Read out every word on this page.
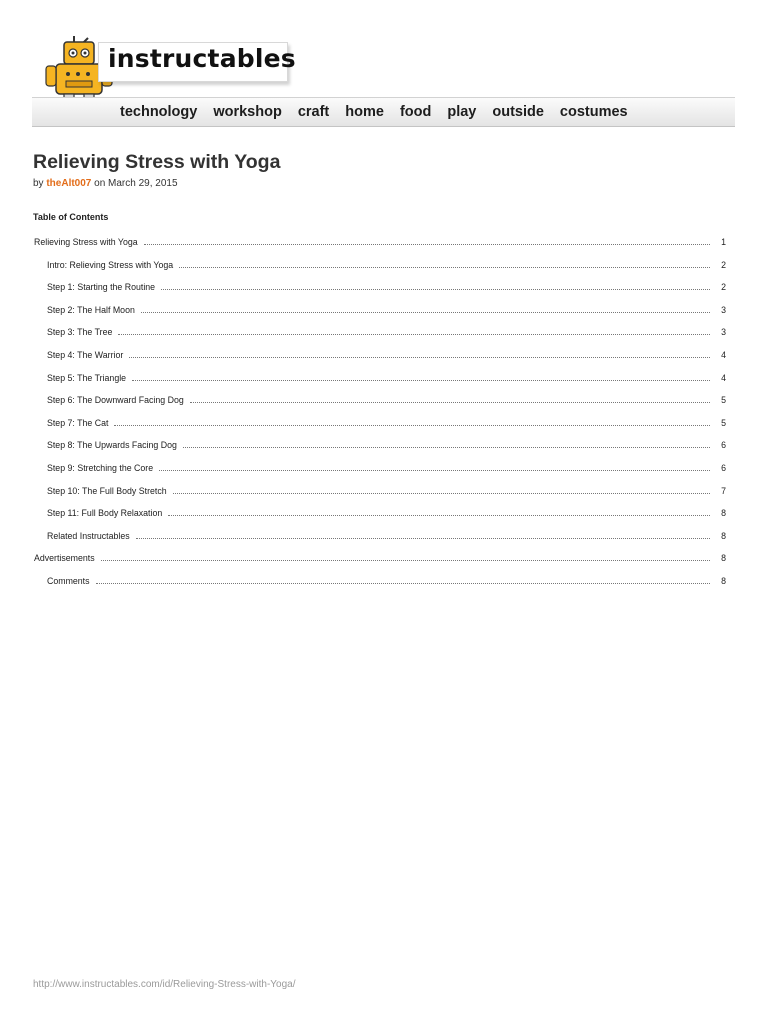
instructables
technology workshop craft home food play outside costumes
Relieving Stress with Yoga
by theAlt007 on March 29, 2015
Table of Contents
Relieving Stress with Yoga	1
Intro: Relieving Stress with Yoga	2
Step 1: Starting the Routine	2
Step 2: The Half Moon	3
Step 3: The Tree	3
Step 4: The Warrior	4
Step 5: The Triangle	4
Step 6: The Downward Facing Dog	5
Step 7: The Cat	5
Step 8: The Upwards Facing Dog	6
Step 9: Stretching the Core	6
Step 10: The Full Body Stretch	7
Step 11: Full Body Relaxation	8
Related Instructables	8
Advertisements	8
Comments	8
http://www.instructables.com/id/Relieving-Stress-with-Yoga/
